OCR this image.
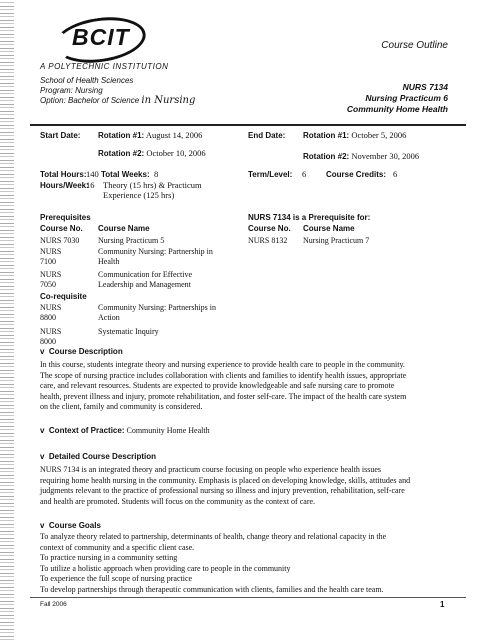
BCIT
A POLYTECHNIC INSTITUTION
School of Health Sciences
Program: Nursing
Option: Bachelor of Science in Nursing
Course Outline
NURS 7134
Nursing Practicum 6
Community Home Health
Start Date: Rotation #1: August 14, 2006
Rotation #2: October 10, 2006
End Date: Rotation #1: October 5, 2006
Rotation #2: November 30, 2006
Total Hours: 140 Total Weeks: 8
Hours/Week:
16 Theory (15 hrs) & Practicum
Experience (125 hrs)
Term/Level: 6 Course Credits: 6
Prerequisites
Course No. Course Name
NURS 7030	Nursing Practicum 5
NURS 7100
Community Nursing: Partnership in
Health
NURS 7050
Communication for Effective
Leadership and Management
Co-requisite
NURS 8800
Community Nursing: Partnerships in
Action
NURS 8000
Systematic Inquiry
NURS 7134 is a Prerequisite for:
Course No. Course Name
NURS 8132 Nursing Practicum 7
v  Course Description
In this course, students integrate theory and nursing experience to provide health care to people in the community.
The scope of nursing practice includes collaboration with clients and families to identify health issues, appropriate
care, and relevant resources. Students are expected to provide knowledgeable and safe nursing care to promote
health, prevent illness and injury, promote rehabilitation, and foster self-care. The impact of the health care system
on the client, family and community is considered.
v  Context of Practice: Community Home Health
v  Detailed Course Description
NURS 7134 is an integrated theory and practicum course focusing on people who experience health issues
requiring home health nursing in the community. Emphasis is placed on developing knowledge, skills, attitudes and
judgments relevant to the practice of professional nursing so illness and injury prevention, rehabilitation, self-care
and health are promoted. Students will focus on the community as the context of care.
v  Course Goals
To analyze theory related to partnership, determinants of health, change theory and relational capacity in the
context of community and a specific client case.
To practice nursing in a community setting
To utilize a holistic approach when providing care to people in the community
To experience the full scope of nursing practice
To develop partnerships through therapeutic communication with clients, families and the health care team.
Fall 2006	1
